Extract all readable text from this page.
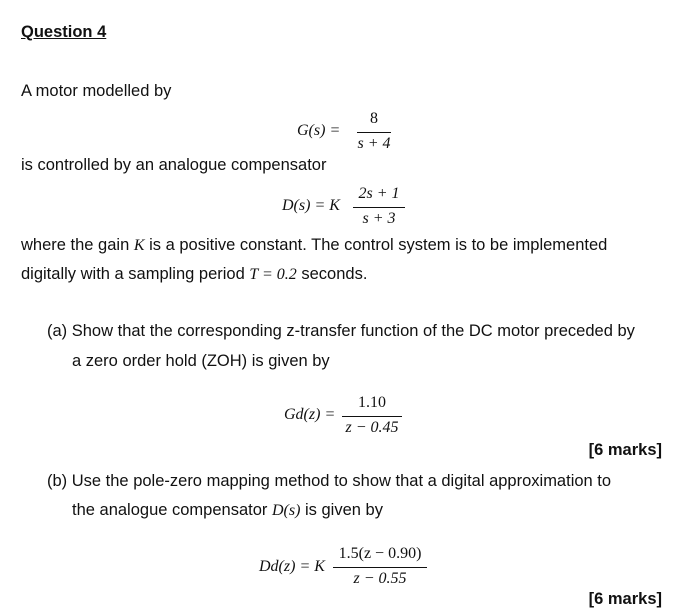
Question 4
A motor modelled by
G(s) =
8
s + 4
is controlled by an analogue compensator
D(s) = K
2s + 1
s + 3
where the gain K is a positive constant. The control system is to be implemented
digitally with a sampling period T = 0.2 seconds.
(a) Show that the corresponding z-transfer function of the DC motor preceded by
a zero order hold (ZOH) is given by
Gd(z) =
1.10
z − 0.45
[6 marks]
(b) Use the pole-zero mapping method to show that a digital approximation to
the analogue compensator D(s) is given by
Dd(z) = K
1.5(z − 0.90)
z − 0.55
[6 marks]
